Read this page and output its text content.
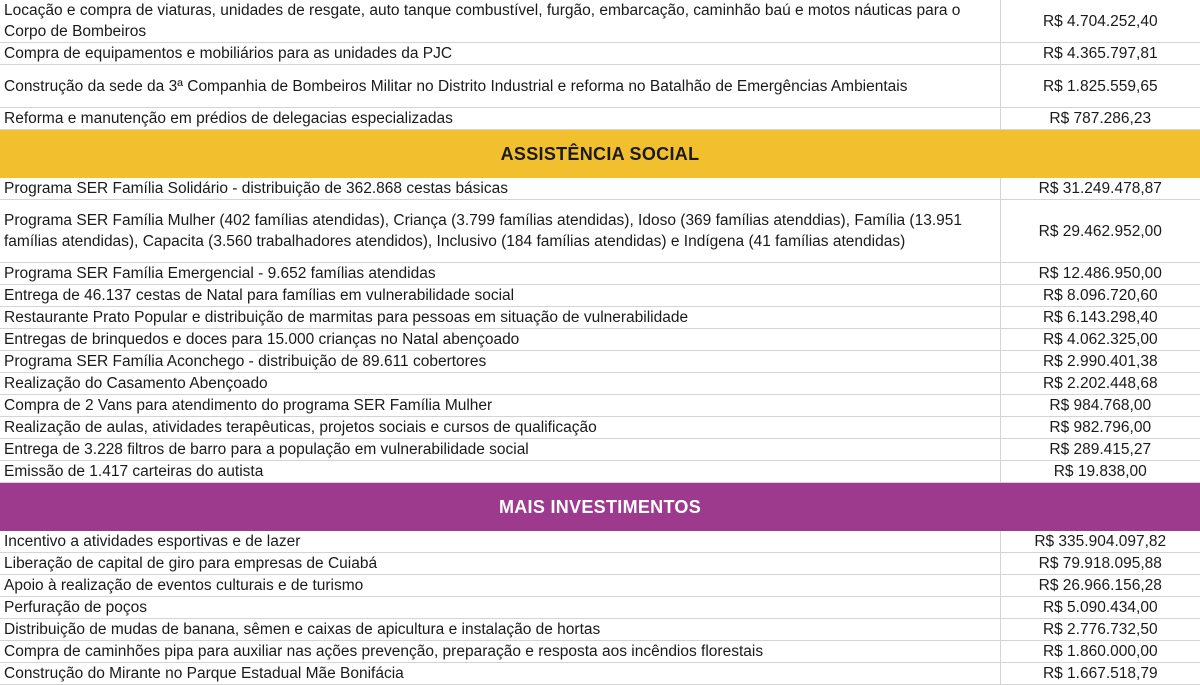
Locação e compra de viaturas, unidades de resgate, auto tanque combustível, furgão, embarcação, caminhão baú e motos náuticas para o Corpo de Bombeiros	R$ 4.704.252,40
Compra de equipamentos e mobiliários para as unidades da PJC	R$ 4.365.797,81
Construção da sede da 3ª Companhia de Bombeiros Militar no Distrito Industrial e reforma no Batalhão de Emergências Ambientais	R$ 1.825.559,65
Reforma e manutenção em prédios de delegacias especializadas	R$ 787.286,23
ASSISTÊNCIA SOCIAL	
Programa SER Família Solidário - distribuição de 362.868 cestas básicas	R$ 31.249.478,87
Programa SER Família Mulher (402 famílias atendidas), Criança (3.799 famílias atendidas), Idoso (369 famílias atenddias), Família (13.951 famílias atendidas), Capacita (3.560 trabalhadores atendidos), Inclusivo (184 famílias atendidas) e Indígena (41 famílias atendidas)	R$ 29.462.952,00
Programa SER Família Emergencial - 9.652 famílias atendidas	R$ 12.486.950,00
Entrega de 46.137 cestas de Natal para famílias em vulnerabilidade social	R$ 8.096.720,60
Restaurante Prato Popular e distribuição de marmitas para pessoas em situação de vulnerabilidade	R$ 6.143.298,40
Entregas de brinquedos e doces para 15.000 crianças no Natal abençoado	R$ 4.062.325,00
Programa SER Família Aconchego - distribuição de 89.611 cobertores	R$ 2.990.401,38
Realização do Casamento Abençoado	R$ 2.202.448,68
Compra de 2 Vans para atendimento do programa SER Família Mulher	R$ 984.768,00
Realização de aulas, atividades terapêuticas, projetos sociais e cursos de qualificação	R$ 982.796,00
Entrega de 3.228 filtros de barro para a população em vulnerabilidade social	R$ 289.415,27
Emissão de 1.417 carteiras do autista	R$ 19.838,00
MAIS INVESTIMENTOS	
Incentivo a atividades esportivas e de lazer	R$ 335.904.097,82
Liberação de capital de giro para empresas de Cuiabá	R$ 79.918.095,88
Apoio à realização de eventos culturais e de turismo	R$ 26.966.156,28
Perfuração de poços	R$ 5.090.434,00
Distribuição de mudas de banana, sêmen e caixas de apicultura e instalação de hortas	R$ 2.776.732,50
Compra de caminhões pipa para auxiliar nas ações prevenção, preparação e resposta aos incêndios florestais	R$ 1.860.000,00
Construção do Mirante no Parque Estadual Mãe Bonifácia	R$ 1.667.518,79
